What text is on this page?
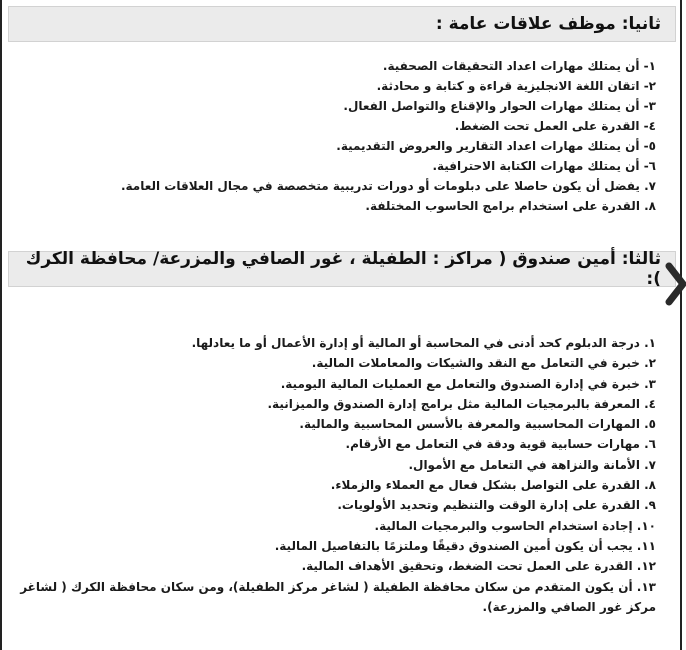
ثانيا: موظف علاقات عامة :
١- أن يمتلك مهارات اعداد التحقيقات الصحفية.
٢- اتقان اللغة الانجليزية قراءة و كتابة و محادثة.
٣- أن يمتلك مهارات الحوار والإقناع والتواصل الفعال.
٤- القدرة على العمل تحت الضغط.
٥- أن يمتلك مهارات اعداد التقارير والعروض التقديمية.
٦- أن يمتلك مهارات الكتابة الاحترافية.
٧. يفضل أن يكون حاصلا على دبلومات أو دورات تدريبية متخصصة في مجال العلاقات العامة.
٨. القدرة على استخدام برامج الحاسوب المختلفة.
ثالثا: أمين صندوق ( مراكز : الطفيلة ، غور الصافي والمزرعة/ محافظة الكرك ):
١. درجة الدبلوم كحد أدنى في المحاسبة أو المالية أو إدارة الأعمال أو ما يعادلها.
٢. خبرة في التعامل مع النقد والشيكات والمعاملات المالية.
٣. خبرة في إدارة الصندوق والتعامل مع العمليات المالية اليومية.
٤. المعرفة بالبرمجيات المالية مثل برامج إدارة الصندوق والميزانية.
٥. المهارات المحاسبية والمعرفة بالأسس المحاسبية والمالية.
٦. مهارات حسابية قوية ودقة في التعامل مع الأرقام.
٧. الأمانة والنزاهة في التعامل مع الأموال.
٨. القدرة على التواصل بشكل فعال مع العملاء والزملاء.
٩. القدرة على إدارة الوقت والتنظيم وتحديد الأولويات.
١٠. إجادة استخدام الحاسوب والبرمجيات المالية.
١١. يجب أن يكون أمين الصندوق دقيقًا وملتزمًا بالتفاصيل المالية.
١٢. القدرة على العمل تحت الضغط، وتحقيق الأهداف المالية.
١٣. أن يكون المتقدم من سكان محافظة الطفيلة ( لشاغر مركز الطفيلة)، ومن سكان محافظة الكرك ( لشاغر مركز غور الصافي والمزرعة).
